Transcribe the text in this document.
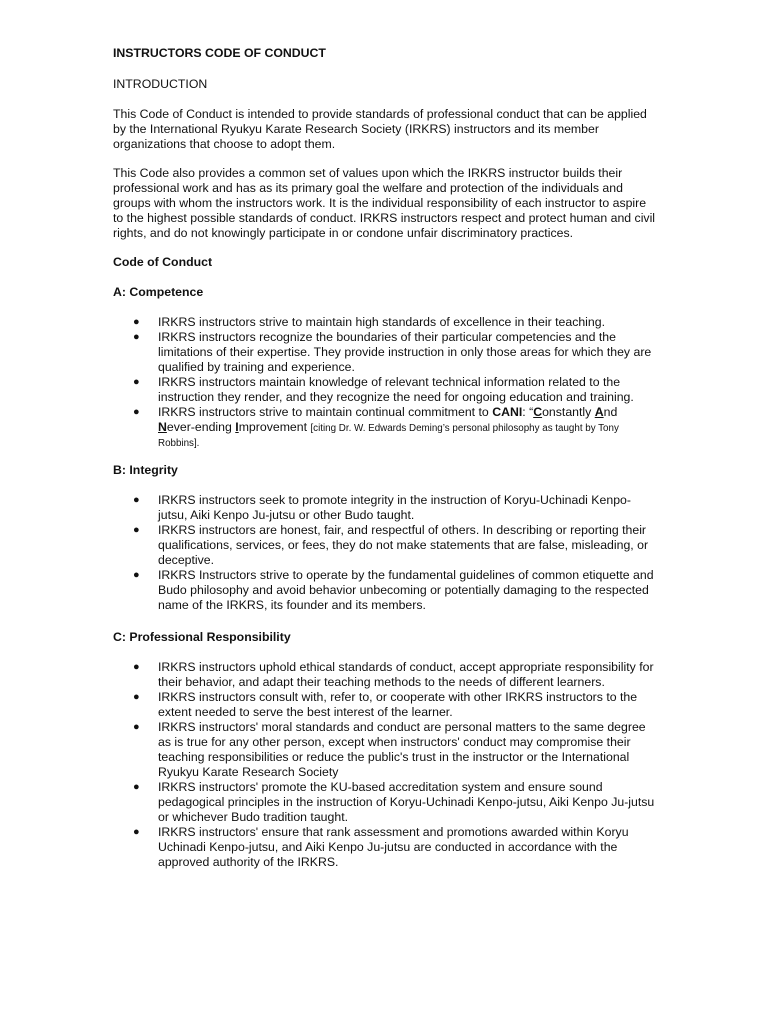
INSTRUCTORS CODE OF CONDUCT

INTRODUCTION

This Code of Conduct is intended to provide standards of professional conduct that can be applied by the International Ryukyu Karate Research Society (IRKRS) instructors and its member organizations that choose to adopt them.

This Code also provides a common set of values upon which the IRKRS instructor builds their professional work and has as its primary goal the welfare and protection of the individuals and groups with whom the instructors work. It is the individual responsibility of each instructor to aspire to the highest possible standards of conduct. IRKRS instructors respect and protect human and civil rights, and do not knowingly participate in or condone unfair discriminatory practices.

Code of Conduct

A: Competence

● IRKRS instructors strive to maintain high standards of excellence in their teaching.
● IRKRS instructors recognize the boundaries of their particular competencies and the limitations of their expertise. They provide instruction in only those areas for which they are qualified by training and experience.
● IRKRS instructors maintain knowledge of relevant technical information related to the instruction they render, and they recognize the need for ongoing education and training.
● IRKRS instructors strive to maintain continual commitment to CANI: “Constantly And
Never-ending Improvement [citing Dr. W. Edwards Deming’s personal philosophy as taught by Tony Robbins].

B: Integrity

● IRKRS instructors seek to promote integrity in the instruction of Koryu-Uchinadi Kenpo-jutsu, Aiki Kenpo Ju-jutsu or other Budo taught.
● IRKRS instructors are honest, fair, and respectful of others. In describing or reporting their qualifications, services, or fees, they do not make statements that are false, misleading, or deceptive.
● IRKRS Instructors strive to operate by the fundamental guidelines of common etiquette and Budo philosophy and avoid behavior unbecoming or potentially damaging to the respected name of the IRKRS, its founder and its members.

C: Professional Responsibility

● IRKRS instructors uphold ethical standards of conduct, accept appropriate responsibility for their behavior, and adapt their teaching methods to the needs of different learners.
● IRKRS instructors consult with, refer to, or cooperate with other IRKRS instructors to the extent needed to serve the best interest of the learner.
● IRKRS instructors' moral standards and conduct are personal matters to the same degree as is true for any other person, except when instructors' conduct may compromise their teaching responsibilities or reduce the public's trust in the instructor or the International Ryukyu Karate Research Society
● IRKRS instructors' promote the KU-based accreditation system and ensure sound pedagogical principles in the instruction of Koryu-Uchinadi Kenpo-jutsu, Aiki Kenpo Ju-jutsu or whichever Budo tradition taught.
● IRKRS instructors' ensure that rank assessment and promotions awarded within Koryu Uchinadi Kenpo-jutsu, and Aiki Kenpo Ju-jutsu are conducted in accordance with the approved authority of the IRKRS.
